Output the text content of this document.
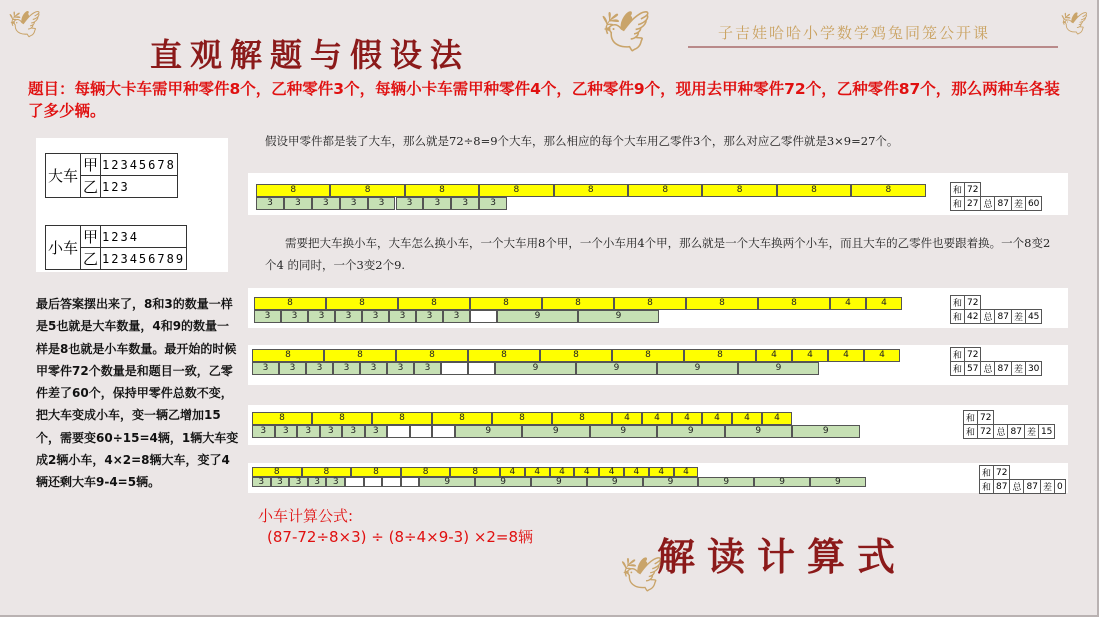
🕊	🕊	🕊
🕊
直观解题与假设法
子吉娃哈哈小学数学鸡兔同笼公开课
题目：每辆大卡车需甲种零件8个，乙种零件3个，每辆小卡车需甲种零件4个，乙种零件9个，现用去甲种零件72个，乙种零件87个，那么两种车各装了多少辆。
大车	甲	12345678
	乙	123
小车	甲	1234
	乙	123456789
假设甲零件都是装了大车，那么就是72÷8=9个大车，那么相应的每个大车用乙零件3个，那么对应乙零件就是3×9=27个。
需要把大车换小车，大车怎么换小车，一个大车用8个甲，一个小车用4个甲，那么就是一个大车换两个小车，而且大车的乙零件也要跟着换。一个8变2个4 的同时，一个3变2个9.
8	8	8	8	8	8	8	8	8
3	3	3	3	3	3	3	3	3
和	72				
和	27	总	87	差	60
8	8	8	8	8	8	8	8	4	4
3	3	3	3	3	3	3	3	9	9
和	72				
和	42	总	87	差	45
8	8	8	8	8	8	8	4	4	4	4
3	3	3	3	3	3	3	9	9	9	9
和	72				
和	57	总	87	差	30
8	8	8	8	8	8	4	4	4	4	4	4
3	3	3	3	3	3	9	9	9	9	9	9
和	72				
和	72	总	87	差	15
8	8	8	8	8	4	4	4	4	4	4	4	4
3	3	3	3	3	9	9	9	9	9	9	9	9
和	72				
和	87	总	87	差	0
最后答案摆出来了，8和3的数量一样是5也就是大车数量，4和9的数量一样是8也就是小车数量。最开始的时候甲零件72个数量是和题目一致，乙零件差了60个，保持甲零件总数不变，把大车变成小车，变一辆乙增加15个，需要变60÷15=4辆，1辆大车变成2辆小车，4×2=8辆大车，变了4辆还剩大车9-4=5辆。
小车计算公式:
(87-72÷8×3) ÷ (8÷4×9-3) ×2=8辆	解读计算式
